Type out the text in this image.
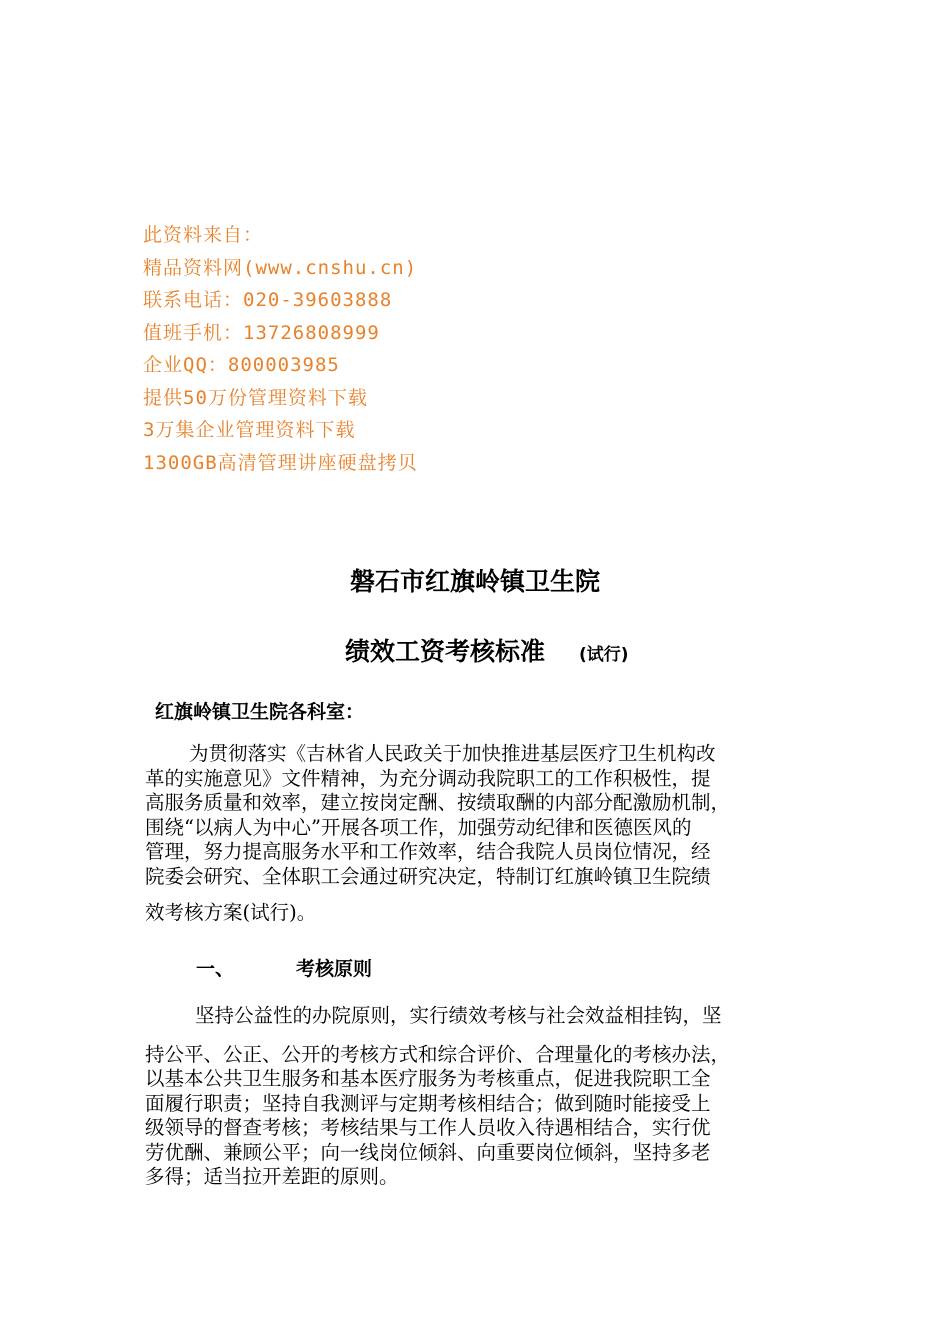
此资料来自：
精品资料网(www.cnshu.cn)
联系电话：020-39603888
值班手机：13726808999
企业QQ：800003985
提供50万份管理资料下载
3万集企业管理资料下载
1300GB高清管理讲座硬盘拷贝
磐石市红旗岭镇卫生院
绩效工资考核标准 (试行)
红旗岭镇卫生院各科室：
为贯彻落实《吉林省人民政关于加快推进基层医疗卫生机构改
革的实施意见》文件精神，为充分调动我院职工的工作积极性，提
高服务质量和效率，建立按岗定酬、按绩取酬的内部分配激励机制，
围绕“以病人为中心”开展各项工作，加强劳动纪律和医德医风的
管理，努力提高服务水平和工作效率，结合我院人员岗位情况，经
院委会研究、全体职工会通过研究决定，特制订红旗岭镇卫生院绩
效考核方案(试行)。
一、	考核原则
坚持公益性的办院原则，实行绩效考核与社会效益相挂钩，坚
持公平、公正、公开的考核方式和综合评价、合理量化的考核办法，
以基本公共卫生服务和基本医疗服务为考核重点，促进我院职工全
面履行职责；坚持自我测评与定期考核相结合；做到随时能接受上
级领导的督查考核；考核结果与工作人员收入待遇相结合，实行优
劳优酬、兼顾公平；向一线岗位倾斜、向重要岗位倾斜，坚持多老
多得；适当拉开差距的原则。
